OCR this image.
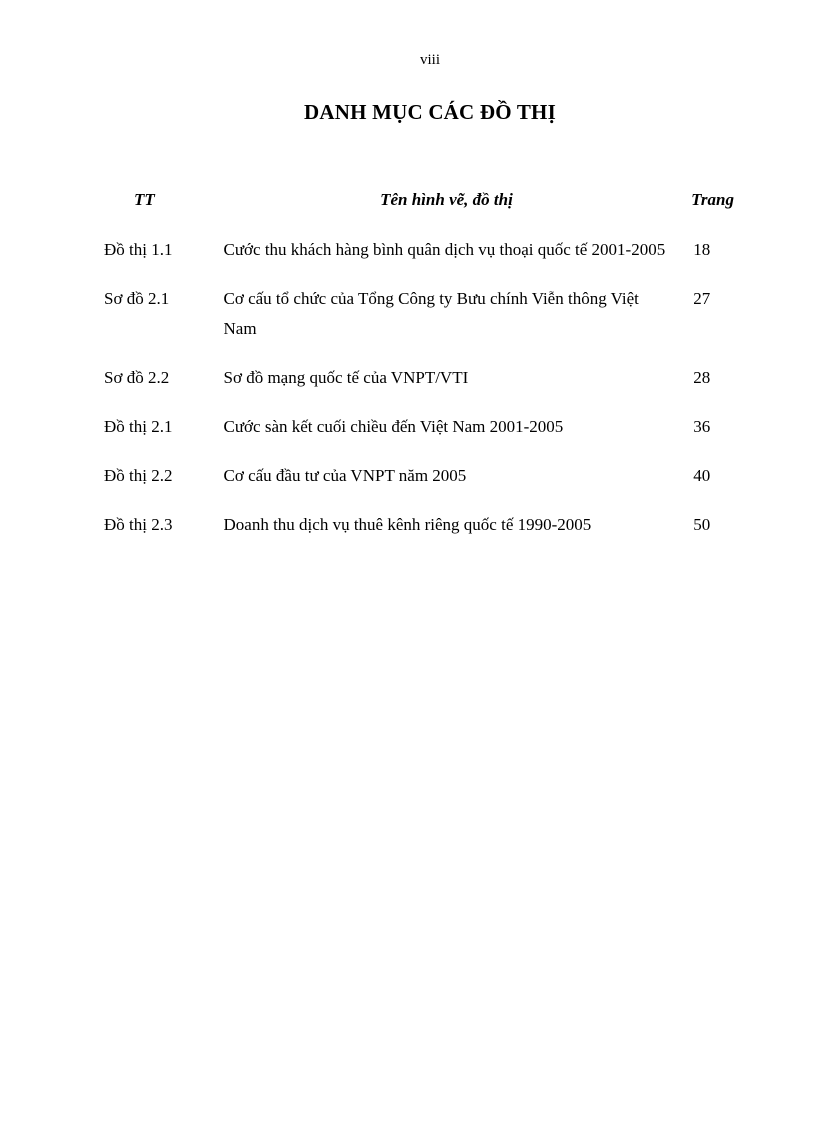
viii
DANH MỤC CÁC ĐỒ THỊ
TT	Tên hình vẽ, đồ thị	Trang
Đồ thị 1.1	Cước thu khách hàng bình quân dịch vụ thoại quốc tế 2001-2005	18
Sơ đồ 2.1	Cơ cấu tổ chức của Tổng Công ty Bưu chính Viễn thông Việt Nam	27
Sơ đồ 2.2	Sơ đồ mạng quốc tế của VNPT/VTI	28
Đồ thị 2.1	Cước sàn kết cuối chiều đến Việt Nam 2001-2005	36
Đồ thị 2.2	Cơ cấu đầu tư của VNPT năm 2005	40
Đồ thị 2.3	Doanh thu dịch vụ thuê kênh riêng quốc tế 1990-2005	50
